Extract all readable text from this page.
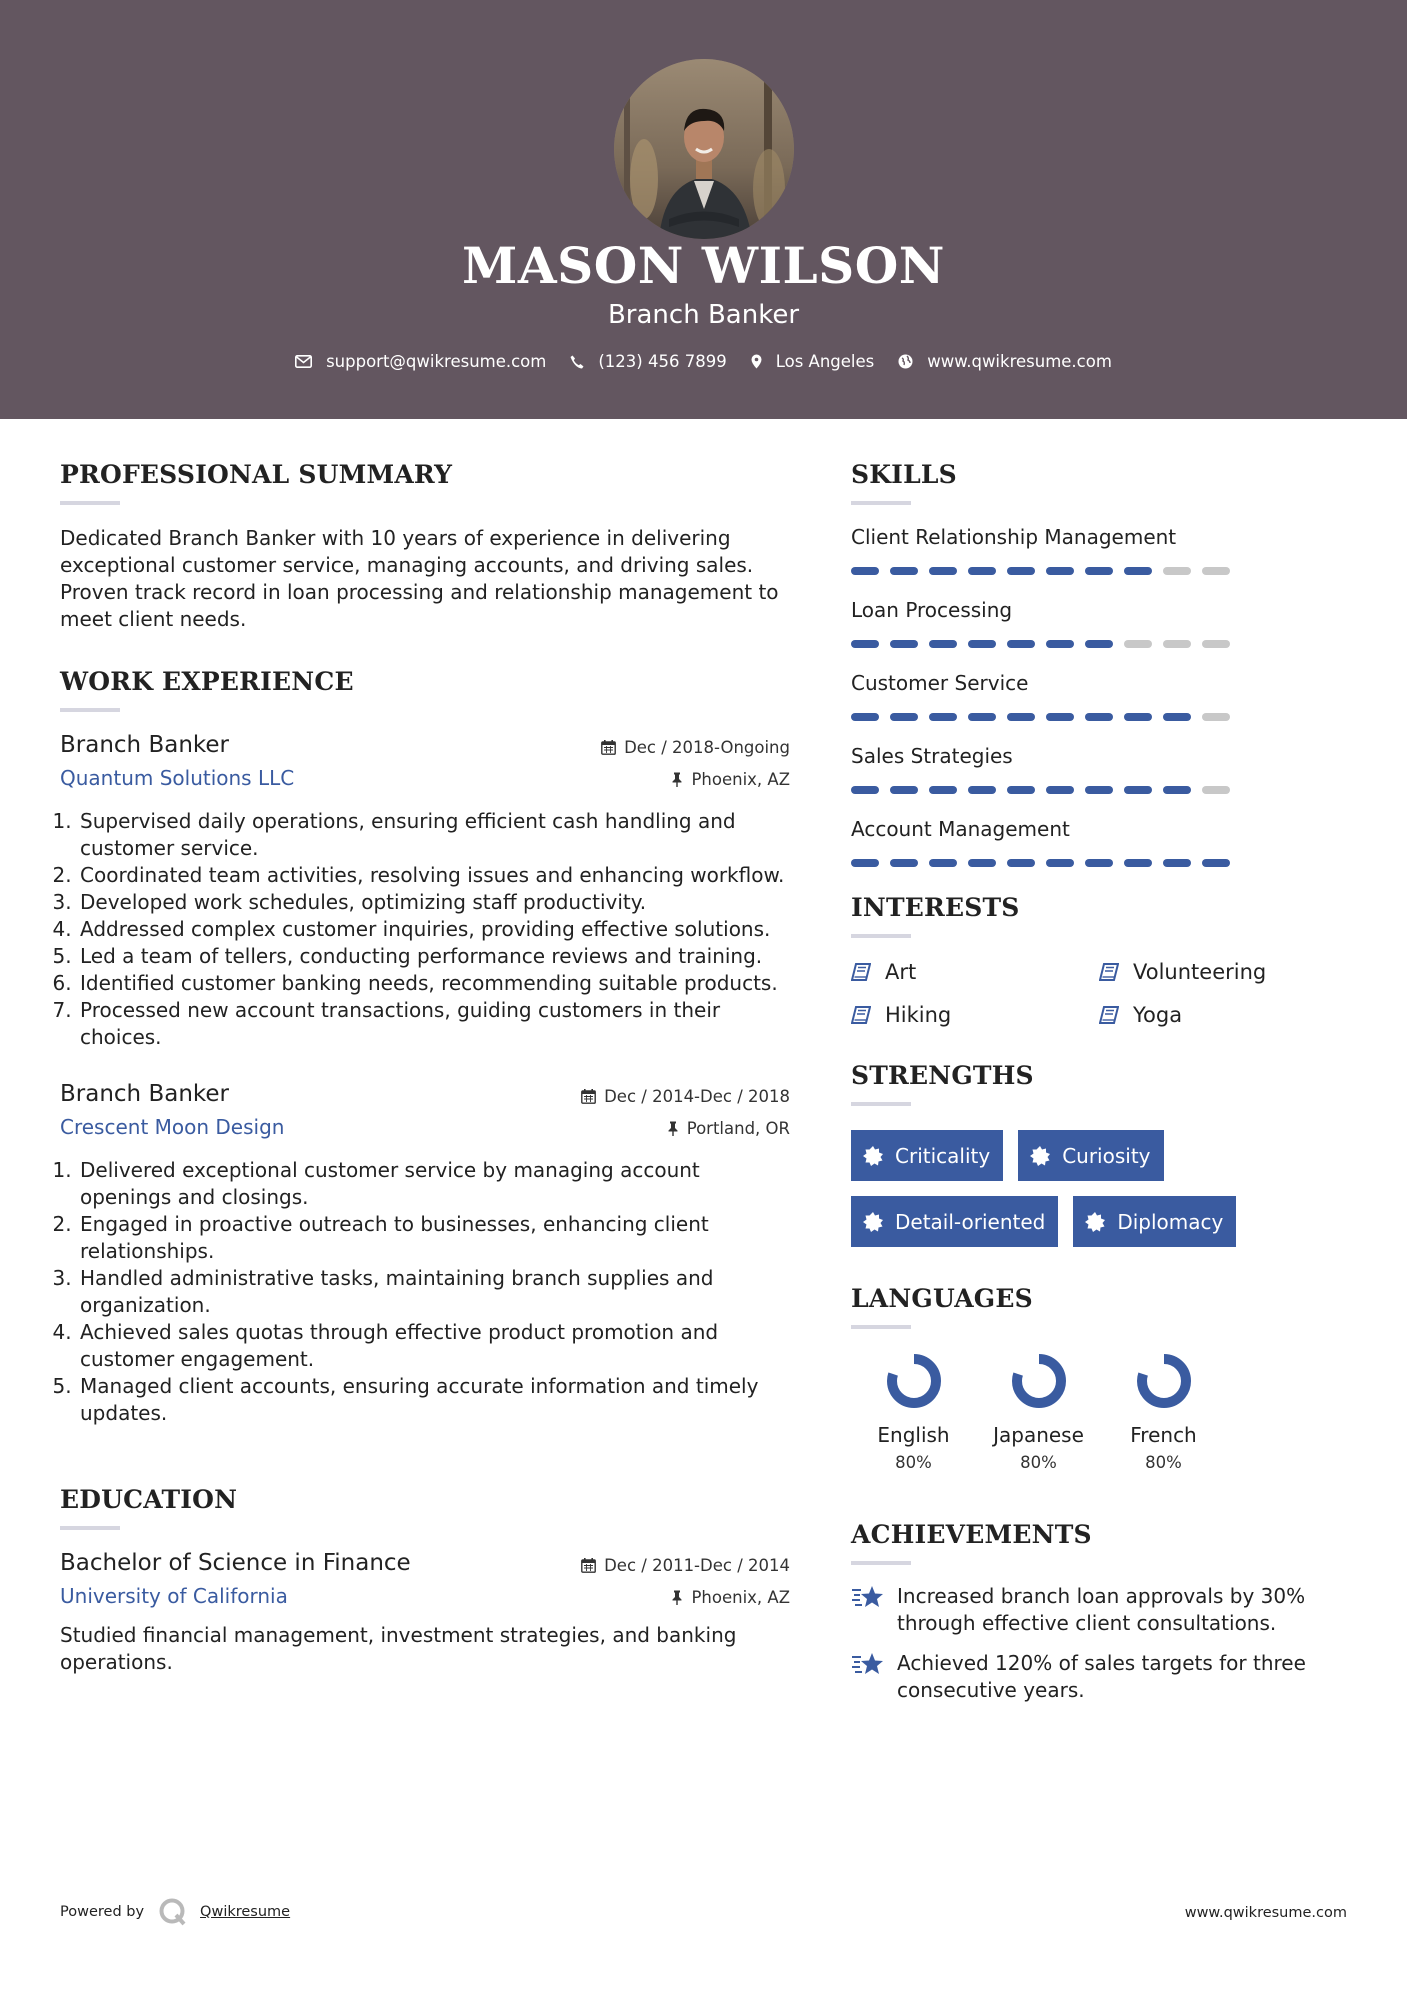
MASON WILSON
Branch Banker
support@qwikresume.com	(123) 456 7899	Los Angeles	www.qwikresume.com
PROFESSIONAL SUMMARY
Dedicated Branch Banker with 10 years of experience in delivering exceptional customer service, managing accounts, and driving sales. Proven track record in loan processing and relationship management to meet client needs.
WORK EXPERIENCE
Dec / 2018-Ongoing
Phoenix, AZ
Branch Banker
Quantum Solutions LLC
1. Supervised daily operations, ensuring efficient cash handling and customer service.
2. Coordinated team activities, resolving issues and enhancing workflow.
3. Developed work schedules, optimizing staff productivity.
4. Addressed complex customer inquiries, providing effective solutions.
5. Led a team of tellers, conducting performance reviews and training.
6. Identified customer banking needs, recommending suitable products.
7. Processed new account transactions, guiding customers in their choices.
Dec / 2014-Dec / 2018
Portland, OR
Branch Banker
Crescent Moon Design
1. Delivered exceptional customer service by managing account openings and closings.
2. Engaged in proactive outreach to businesses, enhancing client relationships.
3. Handled administrative tasks, maintaining branch supplies and organization.
4. Achieved sales quotas through effective product promotion and customer engagement.
5. Managed client accounts, ensuring accurate information and timely updates.
EDUCATION
Dec / 2011-Dec / 2014
Phoenix, AZ
Bachelor of Science in Finance
University of California
Studied financial management, investment strategies, and banking operations.
SKILLS
Client Relationship Management
Loan Processing
Customer Service
Sales Strategies
Account Management
INTERESTS
Art	Volunteering
Hiking	Yoga
STRENGTHS
Criticality	Curiosity
Detail-oriented	Diplomacy
LANGUAGES
English
80%
Japanese
80%
French
80%
ACHIEVEMENTS
Increased branch loan approvals by 30% through effective client consultations.
Achieved 120% of sales targets for three consecutive years.
Powered by	Qwikresume	www.qwikresume.com
